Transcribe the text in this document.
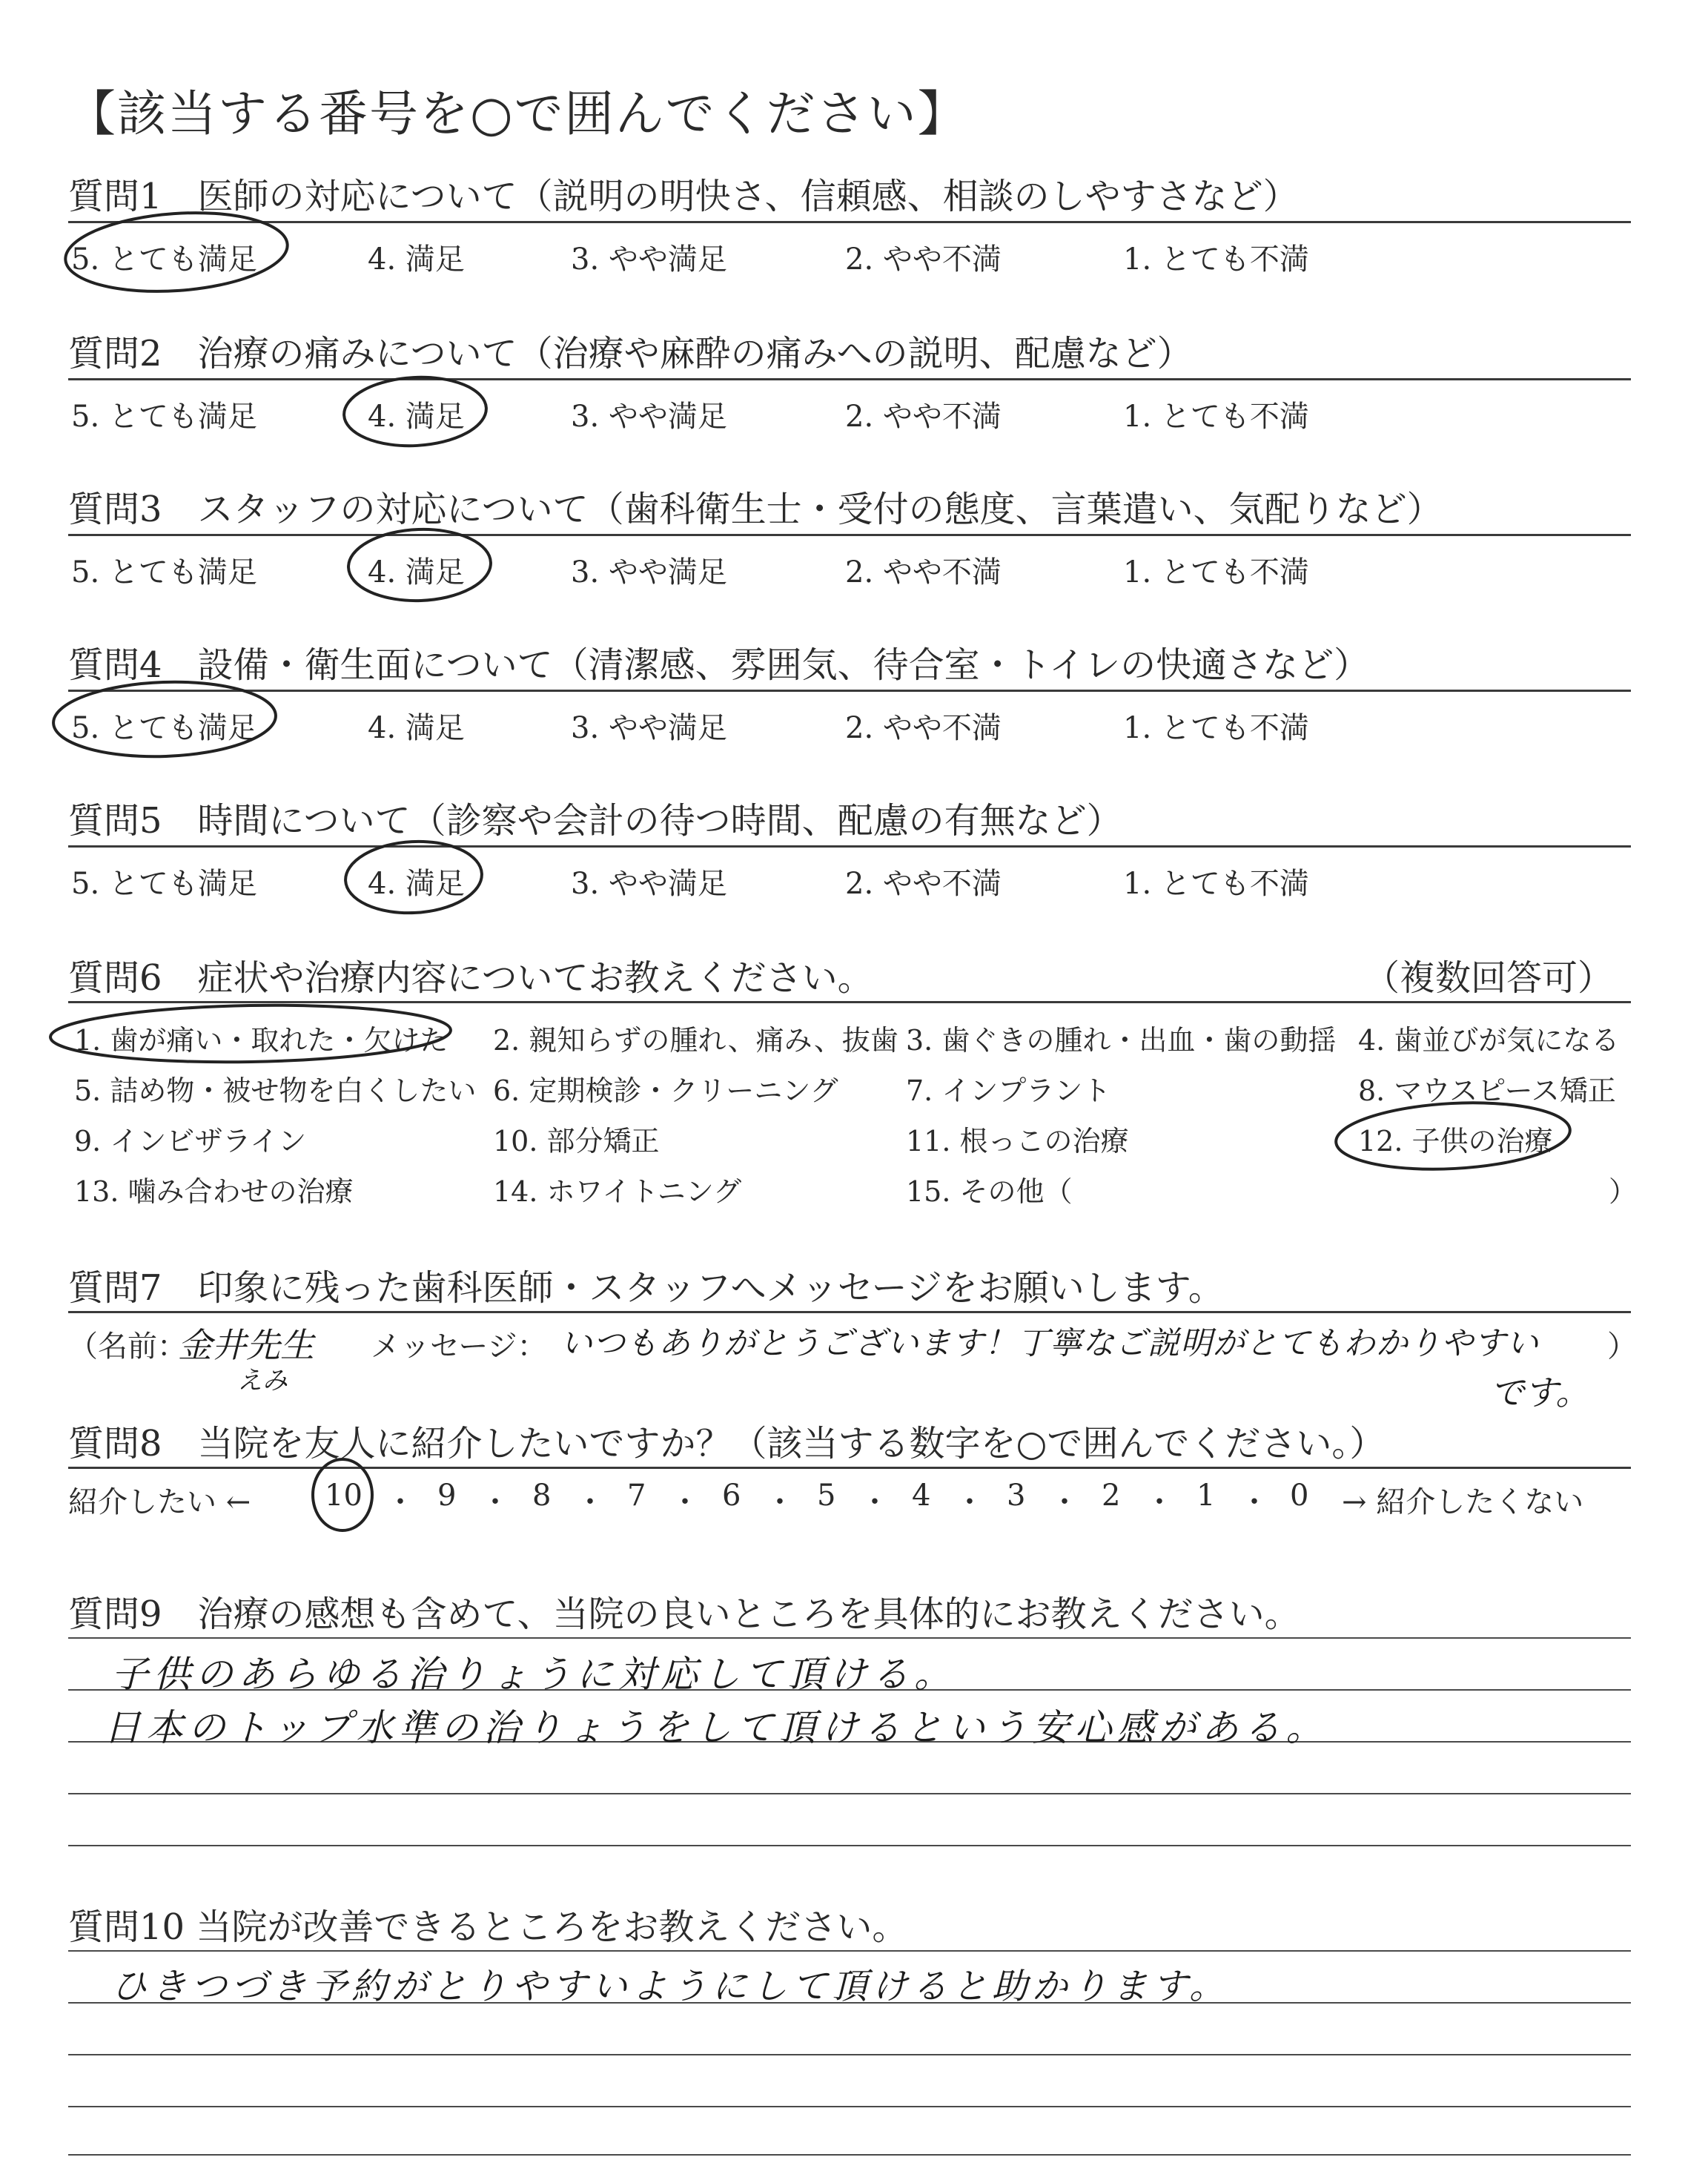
【該当する番号を○で囲んでください】
質問1　医師の対応について（説明の明快さ、信頼感、相談のしやすさなど）
5. とても満足	4. 満足	3. やや満足	2. やや不満	1. とても不満
質問2　治療の痛みについて（治療や麻酔の痛みへの説明、配慮など）
5. とても満足	4. 満足	3. やや満足	2. やや不満	1. とても不満
質問3　スタッフの対応について（歯科衛生士・受付の態度、言葉遣い、気配りなど）
5. とても満足	4. 満足	3. やや満足	2. やや不満	1. とても不満
質問4　設備・衛生面について（清潔感、雰囲気、待合室・トイレの快適さなど）
5. とても満足	4. 満足	3. やや満足	2. やや不満	1. とても不満
質問5　時間について（診察や会計の待つ時間、配慮の有無など）
5. とても満足	4. 満足	3. やや満足	2. やや不満	1. とても不満
質問6　症状や治療内容についてお教えください。	（複数回答可）
1. 歯が痛い・取れた・欠けた 2. 親知らずの腫れ、痛み、抜歯 3. 歯ぐきの腫れ・出血・歯の動揺 4. 歯並びが気になる
5. 詰め物・被せ物を白くしたい 6. 定期検診・クリーニング 7. インプラント	8. マウスピース矯正
9. インビザライン	10. 部分矯正	11. 根っこの治療	12. 子供の治療
13. 噛み合わせの治療	14. ホワイトニング	15. その他（	）
質問7　印象に残った歯科医師・スタッフへメッセージをお願いします。
（名前：
金井先生
えみ
メッセージ： いつもありがとうございます！丁寧なご説明がとてもわかりやすい
です。
）
質問8　当院を友人に紹介したいですか？（該当する数字を○で囲んでください。）
紹介したい ←	→ 紹介したくない
10	9	8	7	6	5	4	3	2	1	0
・ ・ ・ ・ ・ ・ ・ ・ ・ ・
質問9　治療の感想も含めて、当院の良いところを具体的にお教えください。
子供のあらゆる治りょうに対応して頂ける。
日本のトップ水準の治りょうをして頂けるという安心感がある。
質問10 当院が改善できるところをお教えください。
ひきつづき予約がとりやすいようにして頂けると助かります。
